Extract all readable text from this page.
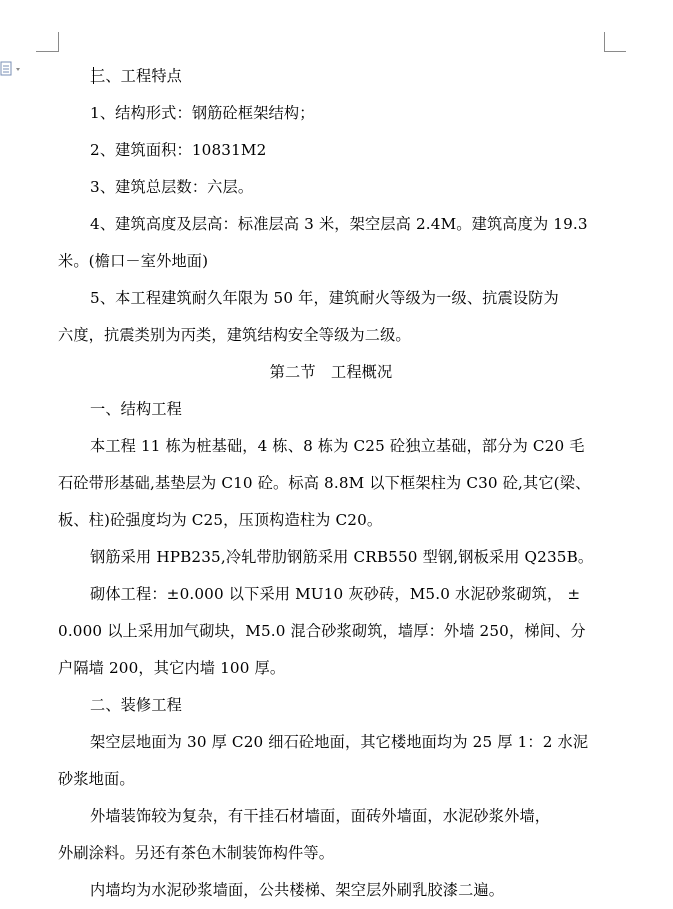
三、工程特点
1、结构形式：钢筋砼框架结构；
2、建筑面积：10831M2
3、建筑总层数：六层。
4、建筑高度及层高：标准层高 3 米，架空层高 2.4M。建筑高度为 19.3
米。(檐口－室外地面)
5、本工程建筑耐久年限为 50 年，建筑耐火等级为一级、抗震设防为
六度，抗震类别为丙类，建筑结构安全等级为二级。
第二节　工程概况
一、结构工程
本工程 11 栋为桩基础，4 栋、8 栋为 C25 砼独立基础，部分为 C20 毛
石砼带形基础,基垫层为 C10 砼。标高 8.8M 以下框架柱为 C30 砼,其它(梁、
板、柱)砼强度均为 C25，压顶构造柱为 C20。
钢筋采用 HPB235,冷轧带肋钢筋采用 CRB550 型钢,钢板采用 Q235B。
砌体工程：±0.000 以下采用 MU10 灰砂砖，M5.0 水泥砂浆砌筑， ±
0.000 以上采用加气砌块，M5.0 混合砂浆砌筑，墙厚：外墙 250，梯间、分
户隔墙 200，其它内墙 100 厚。
二、装修工程
架空层地面为 30 厚 C20 细石砼地面，其它楼地面均为 25 厚 1：2 水泥
砂浆地面。
外墙装饰较为复杂，有干挂石材墙面，面砖外墙面，水泥砂浆外墙，
外刷涂料。另还有茶色木制装饰构件等。
内墙均为水泥砂浆墙面，公共楼梯、架空层外刷乳胶漆二遍。
